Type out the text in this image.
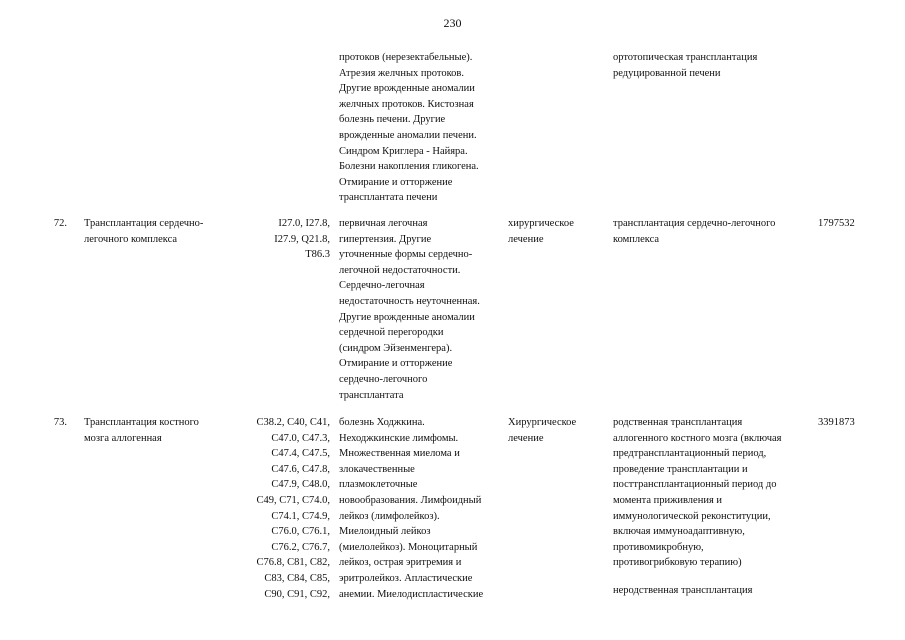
230
протоков (нерезектабельные).
Атрезия желчных протоков.
Другие врожденные аномалии
желчных протоков. Кистозная
болезнь печени. Другие
врожденные аномалии печени.
Синдром Криглера - Найяра.
Болезни накопления гликогена.
Отмирание и отторжение
трансплантата печени
ортотопическая трансплантация
редуцированной печени
72. Трансплантация сердечно-
легочного комплекса
I27.0, I27.8,
I27.9, Q21.8,
T86.3
первичная легочная
гипертензия. Другие
уточненные формы сердечно-
легочной недостаточности.
Сердечно-легочная
недостаточность неуточненная.
Другие врожденные аномалии
сердечной перегородки
(синдром Эйзенменгера).
Отмирание и отторжение
сердечно-легочного
трансплантата
хирургическое
лечение
трансплантация сердечно-легочного
комплекса
1797532
73. Трансплантация костного
мозга аллогенная
C38.2, C40, C41,
C47.0, C47.3,
C47.4, C47.5,
C47.6, C47.8,
C47.9, C48.0,
C49, C71, C74.0,
C74.1, C74.9,
C76.0, C76.1,
C76.2, C76.7,
C76.8, C81, C82,
C83, C84, C85,
C90, C91, C92,
болезнь Ходжкина.
Неходжкинские лимфомы.
Множественная миелома и
злокачественные
плазмоклеточные
новообразования. Лимфоидный
лейкоз (лимфолейкоз).
Миелоидный лейкоз
(миелолейкоз). Моноцитарный
лейкоз, острая эритремия и
эритролейкоз. Апластические
анемии. Миелодиспластические
Хирургическое
лечение
родственная трансплантация
аллогенного костного мозга (включая
предтрансплантационный период,
проведение трансплантации и
посттрансплантационный период до
момента приживления и
иммунологической реконституции,
включая иммуноадаптивную,
противомикробную,
противогрибковую терапию)
неродственная трансплантация
3391873
